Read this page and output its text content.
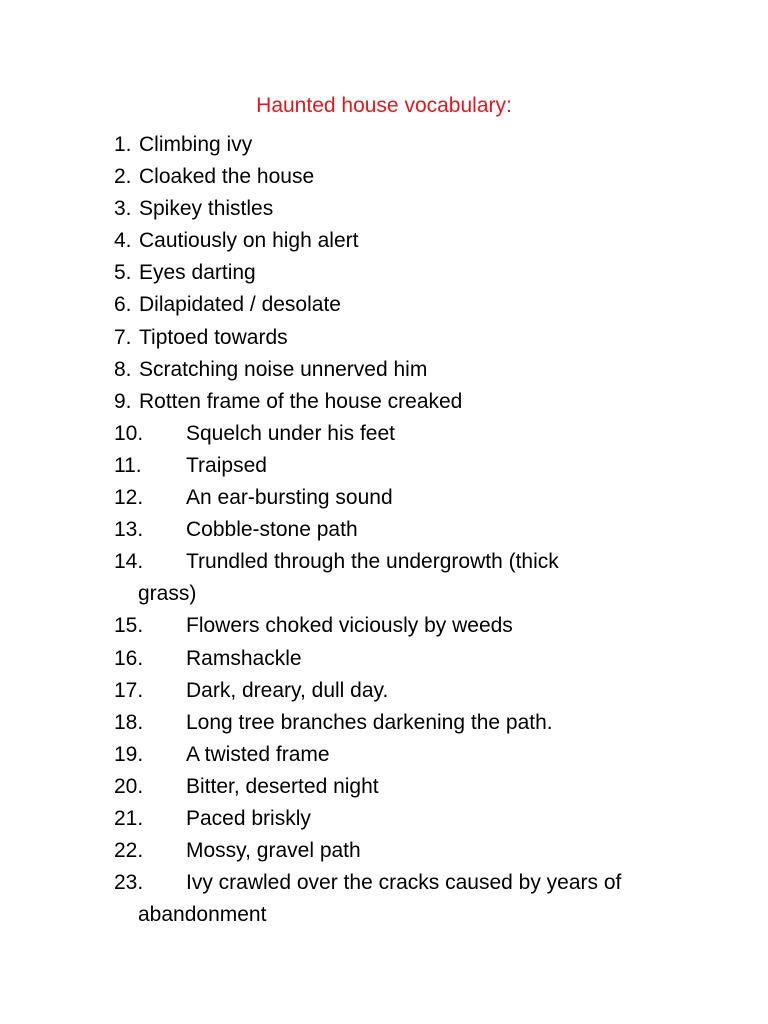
Haunted house vocabulary:
1. Climbing ivy
2. Cloaked the house
3. Spikey thistles
4. Cautiously on high alert
5. Eyes darting
6. Dilapidated / desolate
7. Tiptoed towards
8. Scratching noise unnerved him
9. Rotten frame of the house creaked
10. Squelch under his feet
11. Traipsed
12. An ear-bursting sound
13. Cobble-stone path
14. Trundled through the undergrowth (thick
grass)
15. Flowers choked viciously by weeds
16. Ramshackle
17. Dark, dreary, dull day.
18. Long tree branches darkening the path.
19. A twisted frame
20. Bitter, deserted night
21. Paced briskly
22. Mossy, gravel path
23. Ivy crawled over the cracks caused by years of
abandonment
